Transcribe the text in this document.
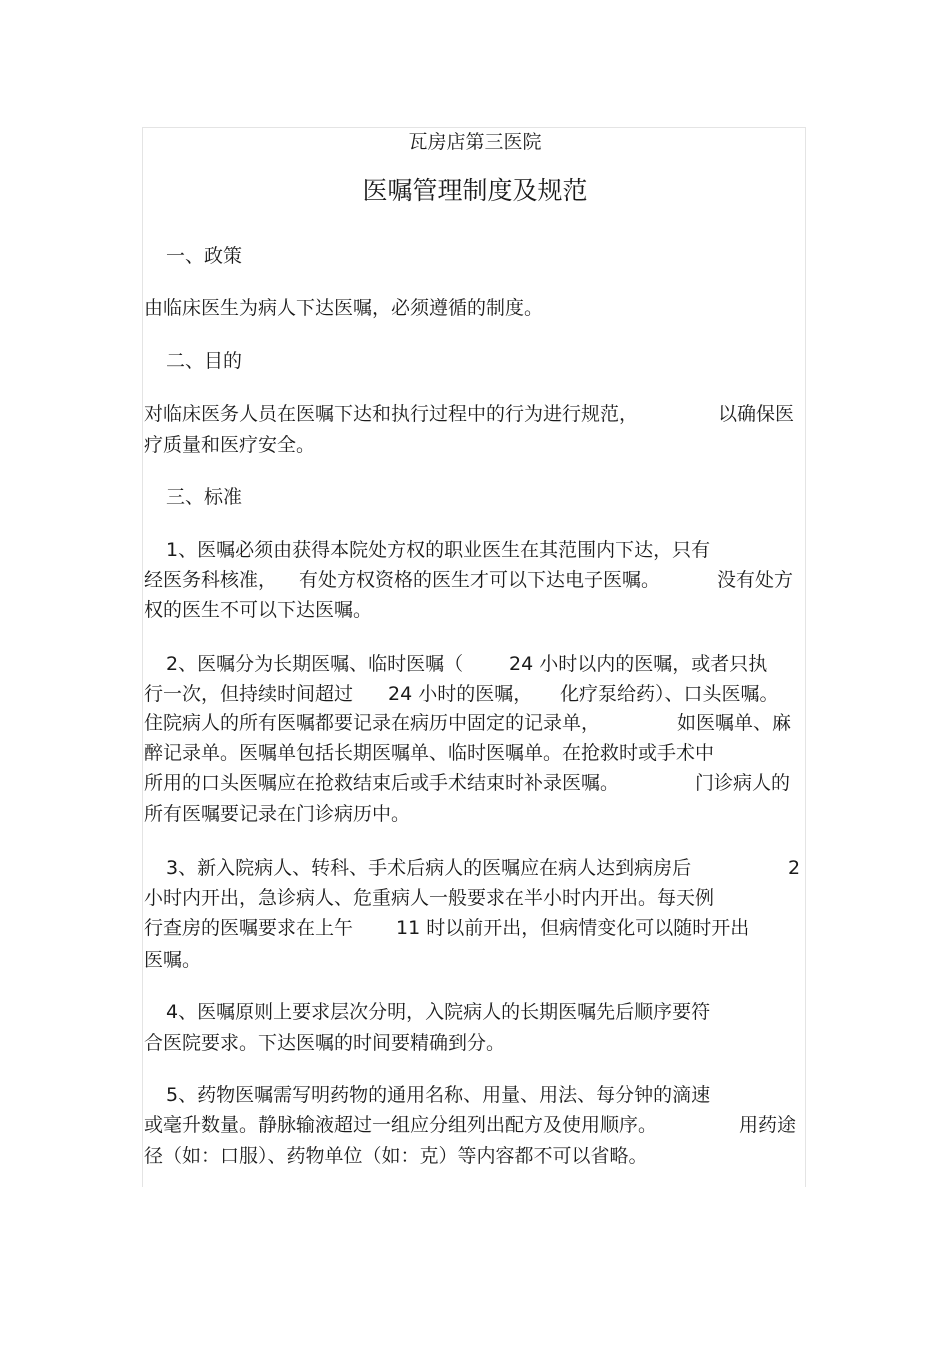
瓦房店第三医院
医嘱管理制度及规范
一、政策
由临床医生为病人下达医嘱，必须遵循的制度。
二、目的
对临床医务人员在医嘱下达和执行过程中的行为进行规范，	以确保医
疗质量和医疗安全。
三、标准
1、医嘱必须由获得本院处方权的职业医生在其范围内下达，只有
经医务科核准， 有处方权资格的医生才可以下达电子医嘱。	没有处方
权的医生不可以下达医嘱。
2、医嘱分为长期医嘱、临时医嘱（ 24 小时以内的医嘱，或者只执
行一次，但持续时间超过 24 小时的医嘱， 化疗泵给药）、口头医嘱。
住院病人的所有医嘱都要记录在病历中固定的记录单，	如医嘱单、麻
醉记录单。医嘱单包括长期医嘱单、临时医嘱单。在抢救时或手术中
所用的口头医嘱应在抢救结束后或手术结束时补录医嘱。	门诊病人的
所有医嘱要记录在门诊病历中。
3、新入院病人、转科、手术后病人的医嘱应在病人达到病房后	2
小时内开出，急诊病人、危重病人一般要求在半小时内开出。每天例
行查房的医嘱要求在上午 11 时以前开出，但病情变化可以随时开出
医嘱。
4、医嘱原则上要求层次分明，入院病人的长期医嘱先后顺序要符
合医院要求。下达医嘱的时间要精确到分。
5、药物医嘱需写明药物的通用名称、用量、用法、每分钟的滴速
或毫升数量。静脉输液超过一组应分组列出配方及使用顺序。	用药途
径（如：口服）、药物单位（如：克）等内容都不可以省略。
